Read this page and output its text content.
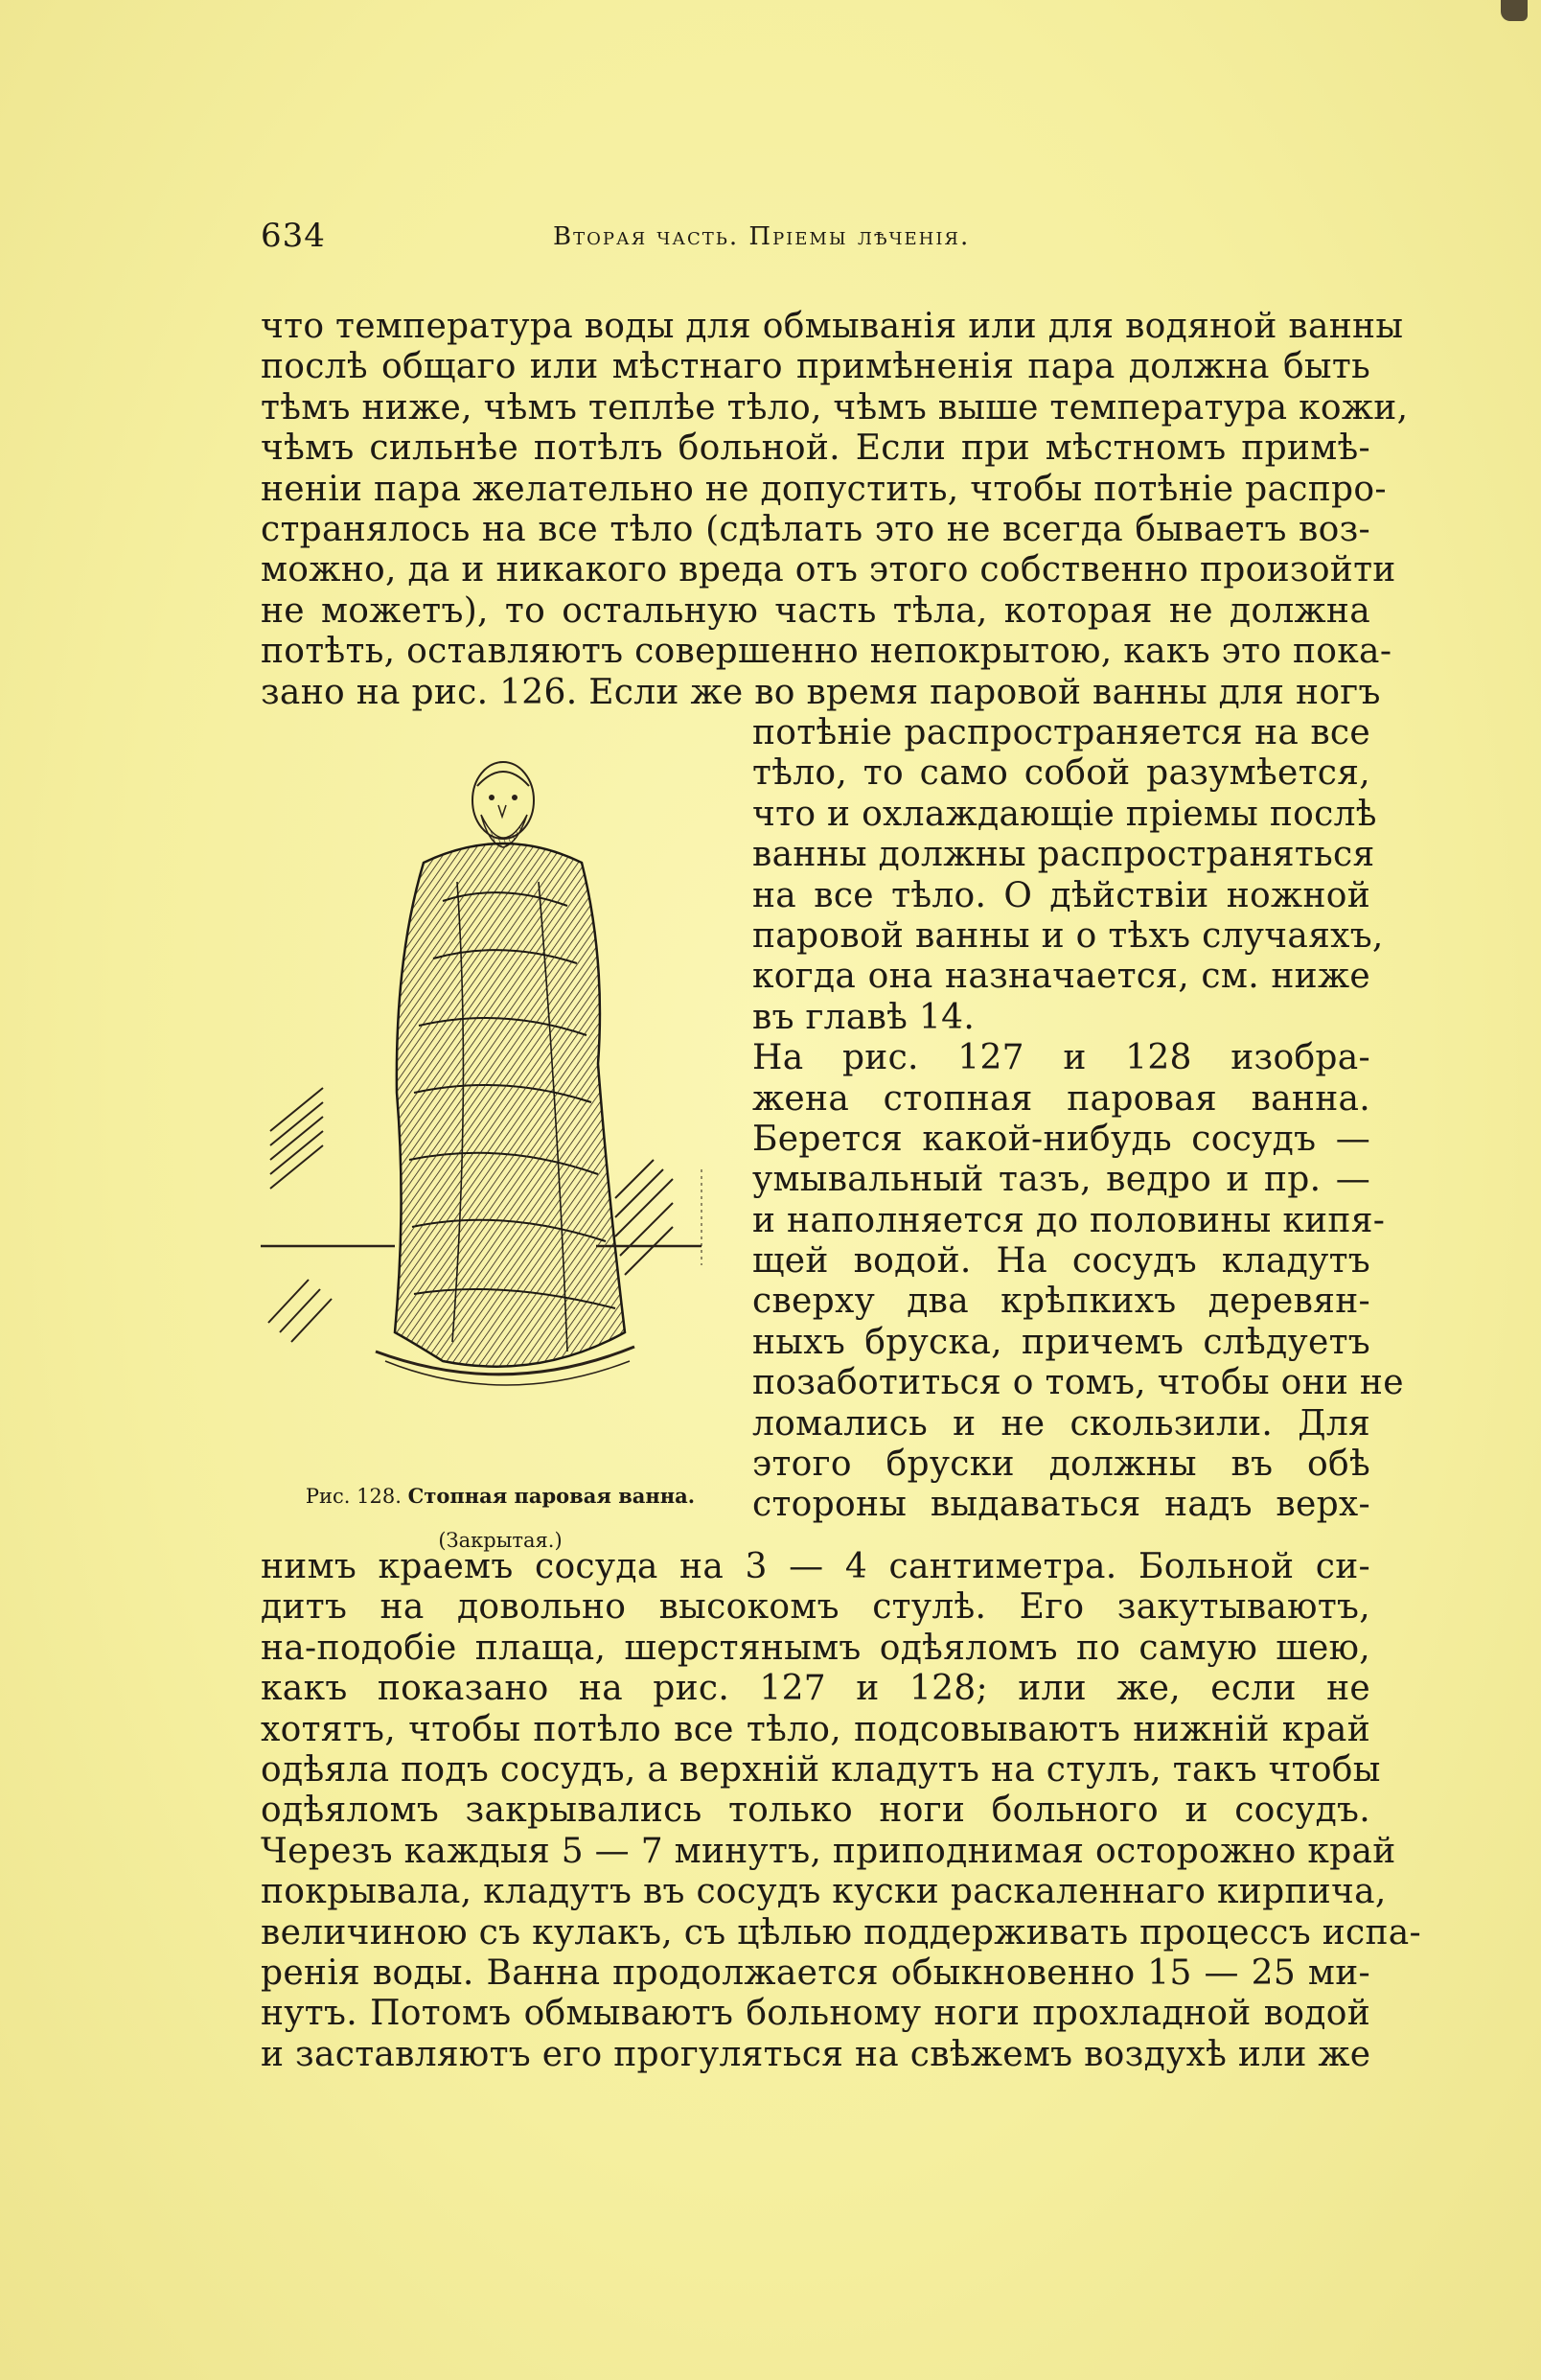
634	Вторая часть. Пріемы лѣченія.
что температура воды для обмыванія или для водяной ванны
послѣ общаго или мѣстнаго примѣненія пара должна быть
тѣмъ ниже, чѣмъ теплѣе тѣло, чѣмъ выше температура кожи,
чѣмъ сильнѣе потѣлъ больной. Если при мѣстномъ примѣ-
неніи пара желательно не допустить, чтобы потѣніе распро-
странялось на все тѣло (сдѣлать это не всегда бываетъ воз-
можно, да и никакого вреда отъ этого собственно произойти
не можетъ), то остальную часть тѣла, которая не должна
потѣть, оставляютъ совершенно непокрытою, какъ это пока-
зано на рис. 126. Если же во время паровой ванны для ногъ
Рис. 128. Стопная паровая ванна.
(Закрытая.)
потѣніе распространяется на все
тѣло, то само собой разумѣется,
что и охлаждающіе пріемы послѣ
ванны должны распространяться
на все тѣло. О дѣйствіи ножной
паровой ванны и о тѣхъ случаяхъ,
когда она назначается, см. ниже
въ главѣ 14.
На рис. 127 и 128 изобра-
жена стопная паровая ванна.
Берется какой-нибудь сосудъ —
умывальный тазъ, ведро и пр. —
и наполняется до половины кипя-
щей водой. На сосудъ кладутъ
сверху два крѣпкихъ деревян-
ныхъ бруска, причемъ слѣдуетъ
позаботиться о томъ, чтобы они не
ломались и не скользили. Для
этого бруски должны въ обѣ
стороны выдаваться надъ верх-
нимъ краемъ сосуда на 3 — 4 сантиметра. Больной си-
дитъ на довольно высокомъ стулѣ. Его закутываютъ,
на-подобіе плаща, шерстянымъ одѣяломъ по самую шею,
какъ показано на рис. 127 и 128; или же, если не
хотятъ, чтобы потѣло все тѣло, подсовываютъ нижній край
одѣяла подъ сосудъ, а верхній кладутъ на стулъ, такъ чтобы
одѣяломъ закрывались только ноги больного и сосудъ.
Черезъ каждыя 5 — 7 минутъ, приподнимая осторожно край
покрывала, кладутъ въ сосудъ куски раскаленнаго кирпича,
величиною съ кулакъ, съ цѣлью поддерживать процессъ испа-
ренія воды. Ванна продолжается обыкновенно 15 — 25 ми-
нутъ. Потомъ обмываютъ больному ноги прохладной водой
и заставляютъ его прогуляться на свѣжемъ воздухѣ или же
